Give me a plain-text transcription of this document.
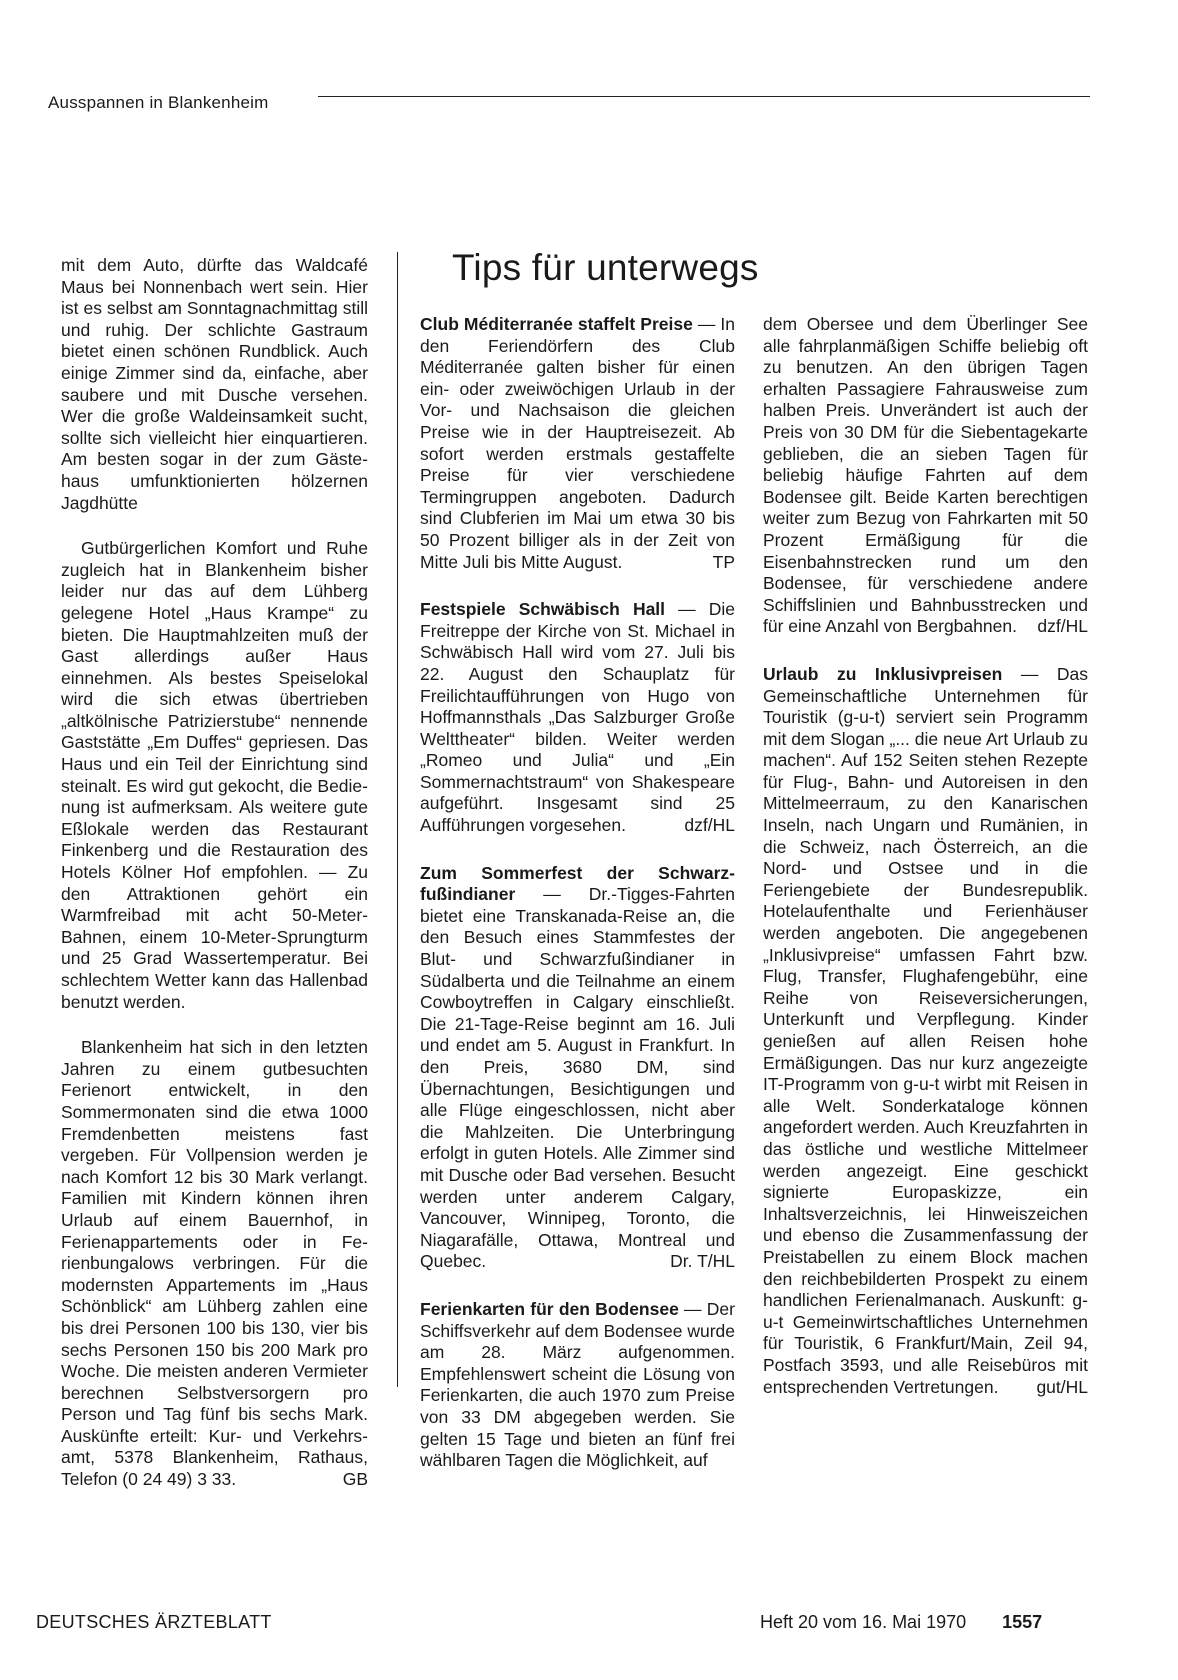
Ausspannen in Blankenheim

mit dem Auto, dürfte das Waldcafé Maus bei Nonnenbach wert sein. Hier ist es selbst am Sonntagnachmittag still und ruhig. Der schlichte Gastraum bietet einen schönen Rundblick. Auch einige Zimmer sind da, einfache, aber saubere und mit Dusche versehen. Wer die große Waldeinsamkeit sucht, sollte sich vielleicht hier einquartieren. Am besten sogar in der zum Gästehaus umfunktionierten hölzernen Jagdhütte

Gutbürgerlichen Komfort und Ruhe zugleich hat in Blankenheim bisher leider nur das auf dem Lühberg gelegene Hotel „Haus Krampe“ zu bieten. Die Hauptmahlzeiten muß der Gast allerdings außer Haus einnehmen. Als bestes Speiselokal wird die sich etwas übertrieben „altkölnische Patrizierstube“ nennende Gaststätte „Em Duffes“ gepriesen. Das Haus und ein Teil der Einrichtung sind steinalt. Es wird gut gekocht, die Bedienung ist aufmerksam. Als weitere gute Eßlokale werden das Restaurant Finkenberg und die Restauration des Hotels Kölner Hof empfohlen. — Zu den Attraktionen gehört ein Warmfreibad mit acht 50-Meter-Bahnen, einem 10-Meter-Sprungturm und 25 Grad Wassertemperatur. Bei schlechtem Wetter kann das Hallenbad benutzt werden.

Blankenheim hat sich in den letzten Jahren zu einem gutbesuchten Ferienort entwickelt, in den Sommermonaten sind die etwa 1000 Fremdenbetten meistens fast vergeben. Für Vollpension werden je nach Komfort 12 bis 30 Mark verlangt. Familien mit Kindern können ihren Urlaub auf einem Bauernhof, in Ferienappartements oder in Ferienbungalows verbringen. Für die modernsten Appartements im „Haus Schönblick“ am Lühberg zahlen eine bis drei Personen 100 bis 130, vier bis sechs Personen 150 bis 200 Mark pro Woche. Die meisten anderen Vermieter berechnen Selbstversorgern pro Person und Tag fünf bis sechs Mark. Auskünfte erteilt: Kur- und Verkehrsamt, 5378 Blankenheim, Rathaus, Telefon (0 24 49) 3 33.	GB

Tips für unterwegs

Club Méditerranée staffelt Preise — In den Feriendörfern des Club Méditerranée galten bisher für einen ein- oder zweiwöchigen Urlaub in der Vor- und Nachsaison die gleichen Preise wie in der Hauptreisezeit. Ab sofort werden erstmals gestaffelte Preise für vier verschiedene Termingruppen angeboten. Dadurch sind Clubferien im Mai um etwa 30 bis 50 Prozent billiger als in der Zeit von Mitte Juli bis Mitte August.	TP

Festspiele Schwäbisch Hall — Die Freitreppe der Kirche von St. Michael in Schwäbisch Hall wird vom 27. Juli bis 22. August den Schauplatz für Freilichtaufführungen von Hugo von Hoffmannsthals „Das Salzburger Große Welttheater“ bilden. Weiter werden „Romeo und Julia“ und „Ein Sommernachtstraum“ von Shakespeare aufgeführt. Insgesamt sind 25 Aufführungen vorgesehen.	dzf/HL

Zum Sommerfest der Schwarzfußindianer — Dr.-Tigges-Fahrten bietet eine Transkanada-Reise an, die den Besuch eines Stammfestes der Blut- und Schwarzfußindianer in Südalberta und die Teilnahme an einem Cowboytreffen in Calgary einschließt. Die 21-Tage-Reise beginnt am 16. Juli und endet am 5. August in Frankfurt. In den Preis, 3680 DM, sind Übernachtungen, Besichtigungen und alle Flüge eingeschlossen, nicht aber die Mahlzeiten. Die Unterbringung erfolgt in guten Hotels. Alle Zimmer sind mit Dusche oder Bad versehen. Besucht werden unter anderem Calgary, Vancouver, Winnipeg, Toronto, die Niagarafälle, Ottawa, Montreal und Quebec.	Dr. T/HL

Ferienkarten für den Bodensee — Der Schiffsverkehr auf dem Bodensee wurde am 28. März aufgenommen. Empfehlenswert scheint die Lösung von Ferienkarten, die auch 1970 zum Preise von 33 DM abgegeben werden. Sie gelten 15 Tage und bieten an fünf frei wählbaren Tagen die Möglichkeit, auf

dem Obersee und dem Überlinger See alle fahrplanmäßigen Schiffe beliebig oft zu benutzen. An den übrigen Tagen erhalten Passagiere Fahrausweise zum halben Preis. Unverändert ist auch der Preis von 30 DM für die Siebentagekarte geblieben, die an sieben Tagen für beliebig häufige Fahrten auf dem Bodensee gilt. Beide Karten berechtigen weiter zum Bezug von Fahrkarten mit 50 Prozent Ermäßigung für die Eisenbahnstrecken rund um den Bodensee, für verschiedene andere Schiffslinien und Bahnbusstrecken und für eine Anzahl von Bergbahnen. dzf/HL

Urlaub zu Inklusivpreisen — Das Gemeinschaftliche Unternehmen für Touristik (g-u-t) serviert sein Programm mit dem Slogan „... die neue Art Urlaub zu machen“. Auf 152 Seiten stehen Rezepte für Flug-, Bahn- und Autoreisen in den Mittelmeerraum, zu den Kanarischen Inseln, nach Ungarn und Rumänien, in die Schweiz, nach Österreich, an die Nord- und Ostsee und in die Feriengebiete der Bundesrepublik. Hotelaufenthalte und Ferienhäuser werden angeboten. Die angegebenen „Inklusivpreise“ umfassen Fahrt bzw. Flug, Transfer, Flughafengebühr, eine Reihe von Reiseversicherungen, Unterkunft und Verpflegung. Kinder genießen auf allen Reisen hohe Ermäßigungen. Das nur kurz angezeigte IT-Programm von g-u-t wirbt mit Reisen in alle Welt. Sonderkataloge können angefordert werden. Auch Kreuzfahrten in das östliche und westliche Mittelmeer werden angezeigt. Eine geschickt signierte Europaskizze, ein Inhaltsverzeichnis, lei Hinweiszeichen und ebenso die Zusammenfassung der Preistabellen zu einem Block machen den reichbebilderten Prospekt zu einem handlichen Ferienalmanach. Auskunft: g-u-t Gemeinwirtschaftliches Unternehmen für Touristik, 6 Frankfurt/Main, Zeil 94, Postfach 3593, und alle Reisebüros mit entsprechenden Vertretungen. gut/HL

DEUTSCHES ÄRZTEBLATT	Heft 20 vom 16. Mai 1970 1557
